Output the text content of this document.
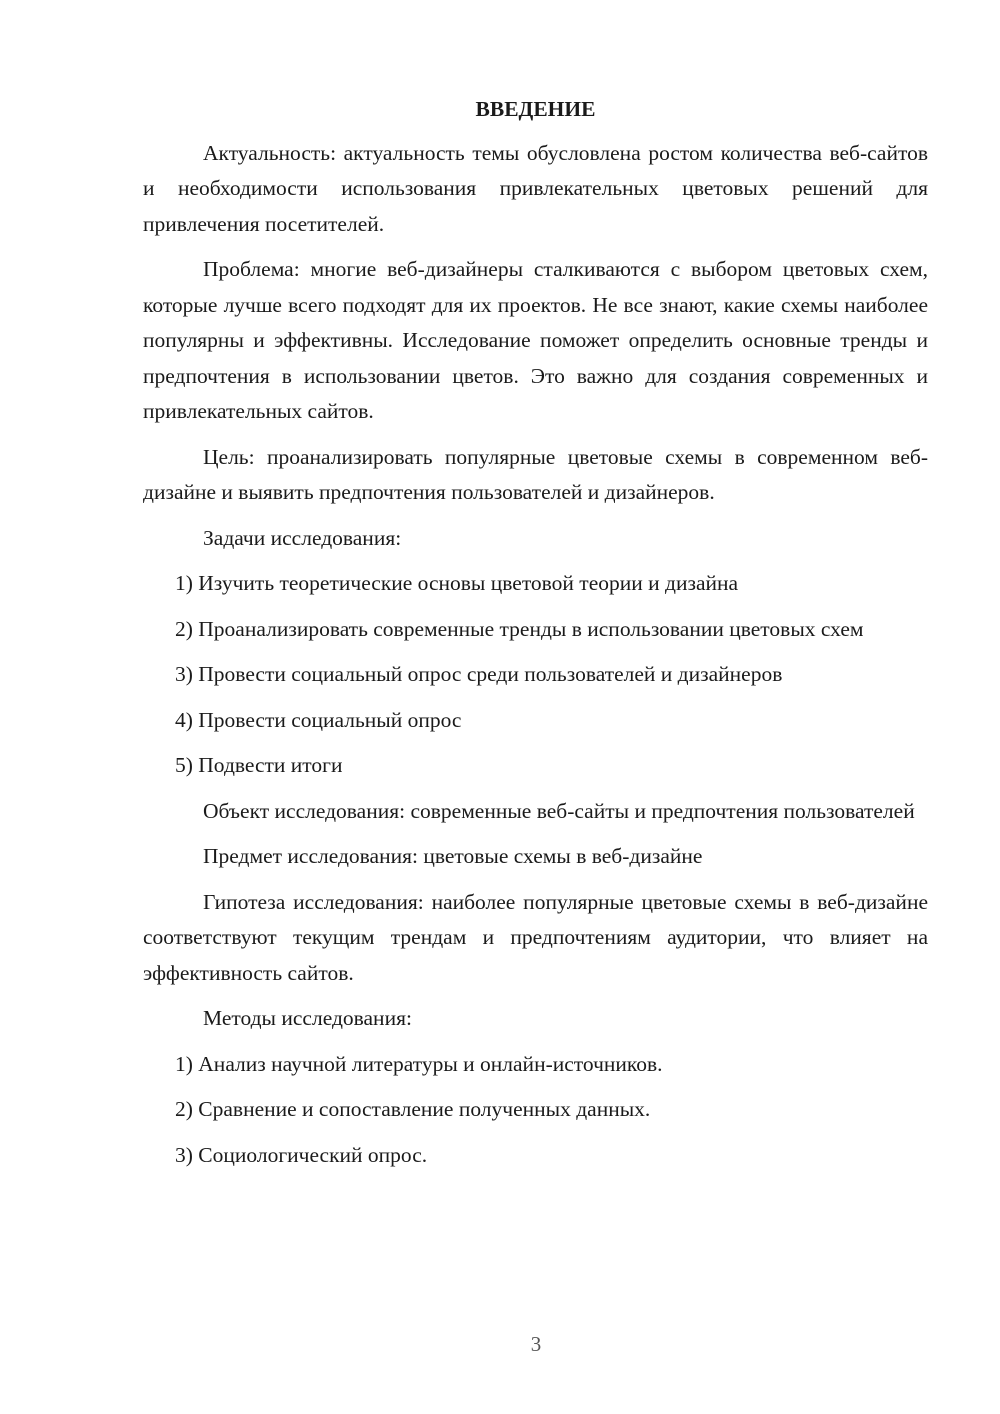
ВВЕДЕНИЕ

Актуальность: актуальность темы обусловлена ростом количества веб-сайтов и необходимости использования привлекательных цветовых решений для привлечения посетителей.

Проблема: многие веб-дизайнеры сталкиваются с выбором цветовых схем, которые лучше всего подходят для их проектов. Не все знают, какие схемы наиболее популярны и эффективны. Исследование поможет определить основные тренды и предпочтения в использовании цветов. Это важно для создания современных и привлекательных сайтов.

Цель: проанализировать популярные цветовые схемы в современном веб-дизайне и выявить предпочтения пользователей и дизайнеров.

Задачи исследования:

1) Изучить теоретические основы цветовой теории и дизайна

2) Проанализировать современные тренды в использовании цветовых схем

3) Провести социальный опрос среди пользователей и дизайнеров

4) Провести социальный опрос

5) Подвести итоги

Объект исследования: современные веб-сайты и предпочтения пользователей

Предмет исследования: цветовые схемы в веб-дизайне

Гипотеза исследования: наиболее популярные цветовые схемы в веб-дизайне соответствуют текущим трендам и предпочтениям аудитории, что влияет на эффективность сайтов.

Методы исследования:

1) Анализ научной литературы и онлайн-источников.

2) Сравнение и сопоставление полученных данных.

3) Социологический опрос.

3
